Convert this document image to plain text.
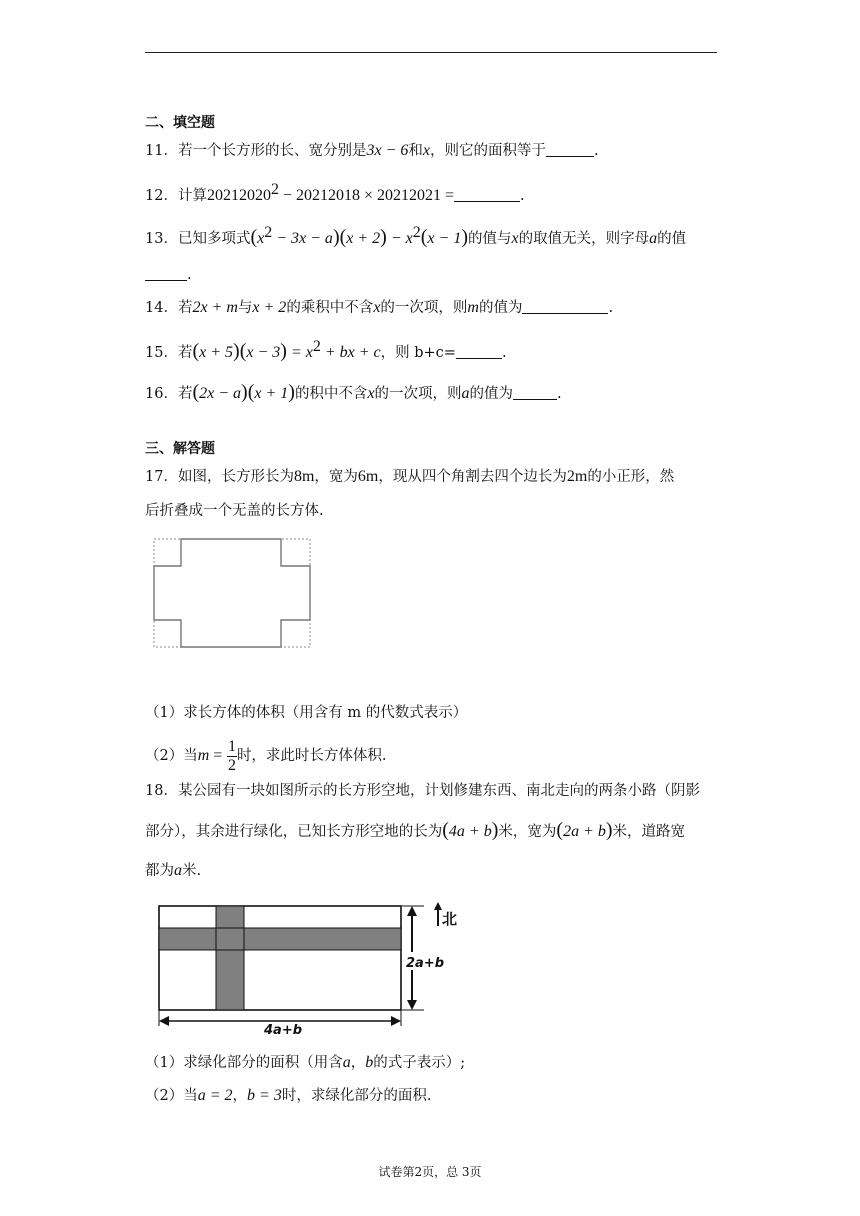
二、填空题
11．若一个长方形的长、宽分别是3x − 6和x，则它的面积等于	.
12．计算$20212020^2 - 20212018 \times 20212021$ =	.
13．已知多项式$(x^2 - 3x - a)(x + 2) - x^2(x - 1)$的值与x的取值无关，则字母a的值
.
14．若2x + m与x + 2的乘积中不含x的一次项，则m的值为	.
15．若$(x + 5)(x - 3) = x^2$ + bx + c，则 b+c=	.
16．若(2x − a)(x + 1)的积中不含x的一次项，则a的值为	.
三、解答题
17．如图，长方形长为8m，宽为6m，现从四个角割去四个边长为2m的小正形，然
后折叠成一个无盖的长方体.
（1）求长方体的体积（用含有 m 的代数式表示）
（2）当$m = \frac{1}{2}$ 时，求此时长方体体积.
18．某公园有一块如图所示的长方形空地，计划修建东西、南北走向的两条小路（阴影
部分），其余进行绿化，已知长方形空地的长为(4a + b)米，宽为(2a + b)米，道路宽
都为a米.
2a+b
北
4a+b
（1）求绿化部分的面积（用含a，b的式子表示）;
（2）当a = 2，b = 3时，求绿化部分的面积.
试卷第2页，总 3页
